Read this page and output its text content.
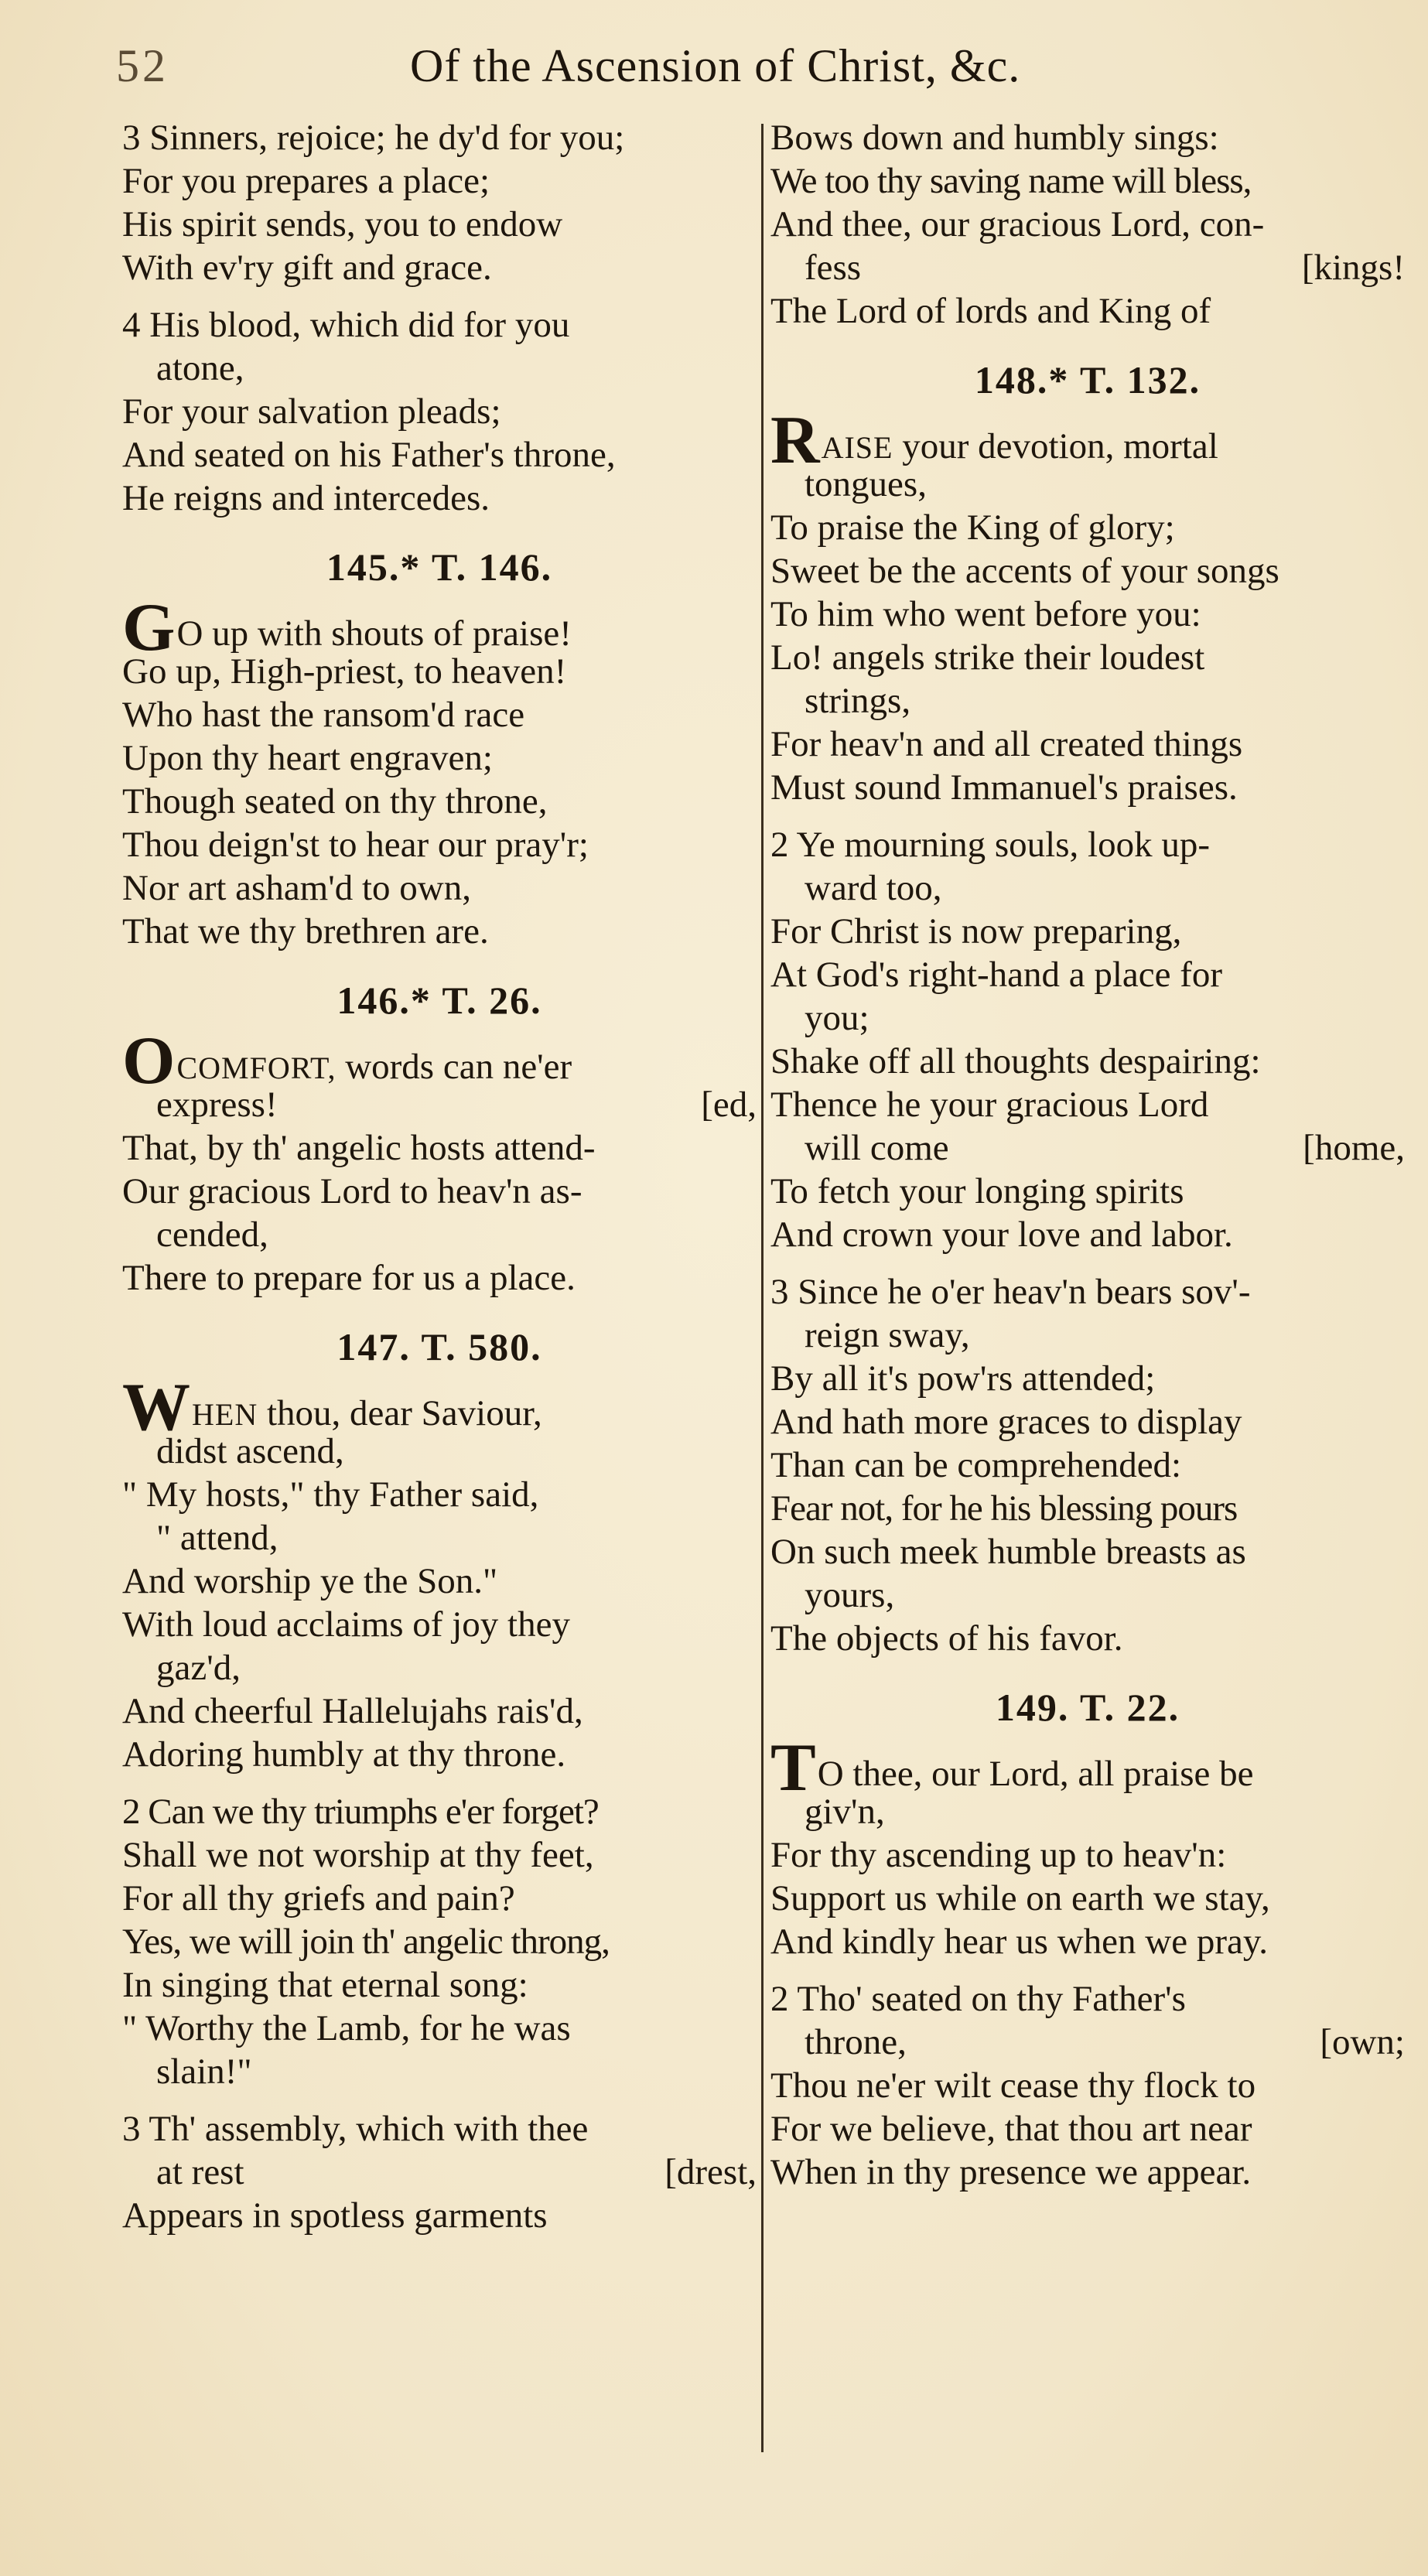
52	Of the Ascension of Christ, &c.
3 Sinners, rejoice; he dy'd for you;
For you prepares a place;
His spirit sends, you to endow
With ev'ry gift and grace.
4 His blood, which did for you
atone,
For your salvation pleads;
And seated on his Father's throne,
He reigns and intercedes.
145.* T. 146.
GO up with shouts of praise!
Go up, High-priest, to heaven!
Who hast the ransom'd race
Upon thy heart engraven;
Though seated on thy throne,
Thou deign'st to hear our pray'r;
Nor art asham'd to own,
That we thy brethren are.
146.* T. 26.
OCOMFORT, words can ne'er
express!	[ed,
That, by th' angelic hosts attend-
Our gracious Lord to heav'n as-
cended,
There to prepare for us a place.
147. T. 580.
WHEN thou, dear Saviour,
didst ascend,
" My hosts," thy Father said,
" attend,
And worship ye the Son."
With loud acclaims of joy they
gaz'd,
And cheerful Hallelujahs rais'd,
Adoring humbly at thy throne.
2 Can we thy triumphs e'er forget?
Shall we not worship at thy feet,
For all thy griefs and pain?
Yes, we will join th' angelic throng,
In singing that eternal song:
" Worthy the Lamb, for he was
slain!"
3 Th' assembly, which with thee
at rest	[drest,
Appears in spotless garments
Bows down and humbly sings:
We too thy saving name will bless,
And thee, our gracious Lord, con-
fess	[kings!
The Lord of lords and King of
148.* T. 132.
RAISE your devotion, mortal
tongues,
To praise the King of glory;
Sweet be the accents of your songs
To him who went before you:
Lo! angels strike their loudest
strings,
For heav'n and all created things
Must sound Immanuel's praises.
2 Ye mourning souls, look up-
ward too,
For Christ is now preparing,
At God's right-hand a place for
you;
Shake off all thoughts despairing:
Thence he your gracious Lord
will come	[home,
To fetch your longing spirits
And crown your love and labor.
3 Since he o'er heav'n bears sov'-
reign sway,
By all it's pow'rs attended;
And hath more graces to display
Than can be comprehended:
Fear not, for he his blessing pours
On such meek humble breasts as
yours,
The objects of his favor.
149. T. 22.
TO thee, our Lord, all praise be
giv'n,
For thy ascending up to heav'n:
Support us while on earth we stay,
And kindly hear us when we pray.
2 Tho' seated on thy Father's
throne,	[own;
Thou ne'er wilt cease thy flock to
For we believe, that thou art near
When in thy presence we appear.
